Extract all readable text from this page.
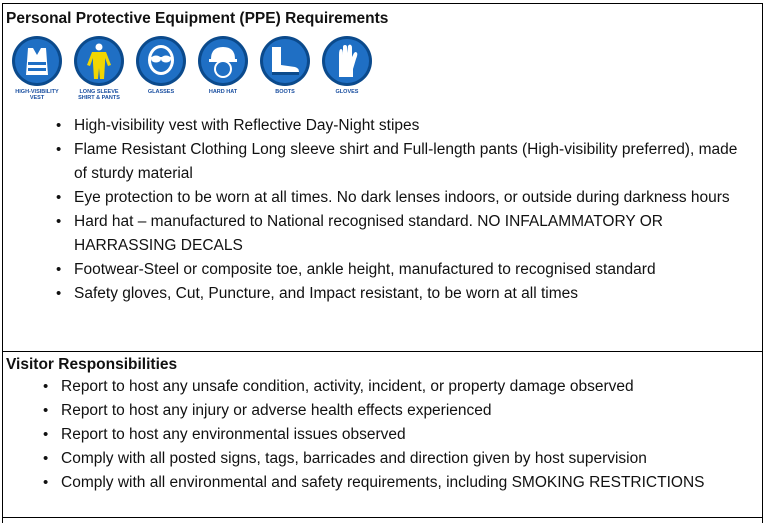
Personal Protective Equipment (PPE) Requirements
HIGH-VISIBILITY
VEST
LONG SLEEVE
SHIRT & PANTS
GLASSES	HARD HAT	BOOTS	GLOVES
• High-visibility vest with Reflective Day-Night stipes
• Flame Resistant Clothing Long sleeve shirt and Full-length pants (High-visibility preferred), made of sturdy material
• Eye protection to be worn at all times. No dark lenses indoors, or outside during darkness hours
• Hard hat – manufactured to National recognised standard. NO INFALAMMATORY OR HARRASSING DECALS
• Footwear-Steel or composite toe, ankle height, manufactured to recognised standard
• Safety gloves, Cut, Puncture, and Impact resistant, to be worn at all times
Visitor Responsibilities
• Report to host any unsafe condition, activity, incident, or property damage observed
• Report to host any injury or adverse health effects experienced
• Report to host any environmental issues observed
• Comply with all posted signs, tags, barricades and direction given by host supervision
• Comply with all environmental and safety requirements, including SMOKING RESTRICTIONS
